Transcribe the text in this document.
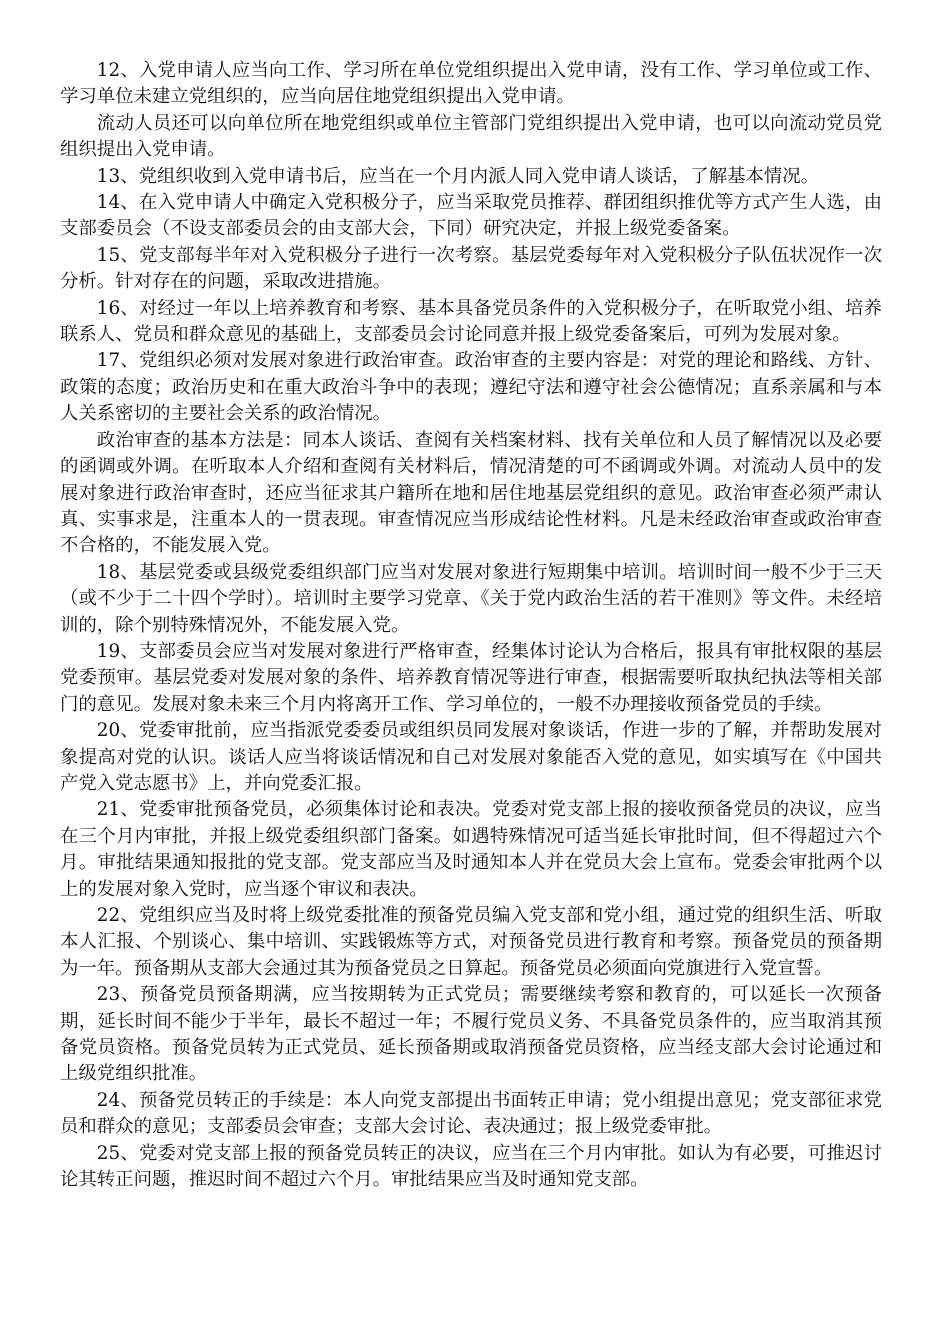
12、入党申请人应当向工作、学习所在单位党组织提出入党申请，没有工作、学习单位或工作、学习单位未建立党组织的，应当向居住地党组织提出入党申请。

流动人员还可以向单位所在地党组织或单位主管部门党组织提出入党申请，也可以向流动党员党组织提出入党申请。

13、党组织收到入党申请书后，应当在一个月内派人同入党申请人谈话，了解基本情况。

14、在入党申请人中确定入党积极分子，应当采取党员推荐、群团组织推优等方式产生人选，由支部委员会（不设支部委员会的由支部大会，下同）研究决定，并报上级党委备案。

15、党支部每半年对入党积极分子进行一次考察。基层党委每年对入党积极分子队伍状况作一次分析。针对存在的问题，采取改进措施。

16、对经过一年以上培养教育和考察、基本具备党员条件的入党积极分子，在听取党小组、培养联系人、党员和群众意见的基础上，支部委员会讨论同意并报上级党委备案后，可列为发展对象。

17、党组织必须对发展对象进行政治审查。政治审查的主要内容是：对党的理论和路线、方针、政策的态度；政治历史和在重大政治斗争中的表现；遵纪守法和遵守社会公德情况；直系亲属和与本人关系密切的主要社会关系的政治情况。

政治审查的基本方法是：同本人谈话、查阅有关档案材料、找有关单位和人员了解情况以及必要的函调或外调。在听取本人介绍和查阅有关材料后，情况清楚的可不函调或外调。对流动人员中的发展对象进行政治审查时，还应当征求其户籍所在地和居住地基层党组织的意见。政治审查必须严肃认真、实事求是，注重本人的一贯表现。审查情况应当形成结论性材料。凡是未经政治审查或政治审查不合格的，不能发展入党。

18、基层党委或县级党委组织部门应当对发展对象进行短期集中培训。培训时间一般不少于三天（或不少于二十四个学时）。培训时主要学习党章、《关于党内政治生活的若干准则》等文件。未经培训的，除个别特殊情况外，不能发展入党。

19、支部委员会应当对发展对象进行严格审查，经集体讨论认为合格后，报具有审批权限的基层党委预审。基层党委对发展对象的条件、培养教育情况等进行审查，根据需要听取执纪执法等相关部门的意见。发展对象未来三个月内将离开工作、学习单位的，一般不办理接收预备党员的手续。

20、党委审批前，应当指派党委委员或组织员同发展对象谈话，作进一步的了解，并帮助发展对象提高对党的认识。谈话人应当将谈话情况和自己对发展对象能否入党的意见，如实填写在《中国共产党入党志愿书》上，并向党委汇报。

21、党委审批预备党员，必须集体讨论和表决。党委对党支部上报的接收预备党员的决议，应当在三个月内审批，并报上级党委组织部门备案。如遇特殊情况可适当延长审批时间，但不得超过六个月。审批结果通知报批的党支部。党支部应当及时通知本人并在党员大会上宣布。党委会审批两个以上的发展对象入党时，应当逐个审议和表决。

22、党组织应当及时将上级党委批准的预备党员编入党支部和党小组，通过党的组织生活、听取本人汇报、个别谈心、集中培训、实践锻炼等方式，对预备党员进行教育和考察。预备党员的预备期为一年。预备期从支部大会通过其为预备党员之日算起。预备党员必须面向党旗进行入党宣誓。

23、预备党员预备期满，应当按期转为正式党员；需要继续考察和教育的，可以延长一次预备期，延长时间不能少于半年，最长不超过一年；不履行党员义务、不具备党员条件的，应当取消其预备党员资格。预备党员转为正式党员、延长预备期或取消预备党员资格，应当经支部大会讨论通过和上级党组织批准。

24、预备党员转正的手续是：本人向党支部提出书面转正申请；党小组提出意见；党支部征求党员和群众的意见；支部委员会审查；支部大会讨论、表决通过；报上级党委审批。

25、党委对党支部上报的预备党员转正的决议，应当在三个月内审批。如认为有必要，可推迟讨论其转正问题，推迟时间不超过六个月。审批结果应当及时通知党支部。
